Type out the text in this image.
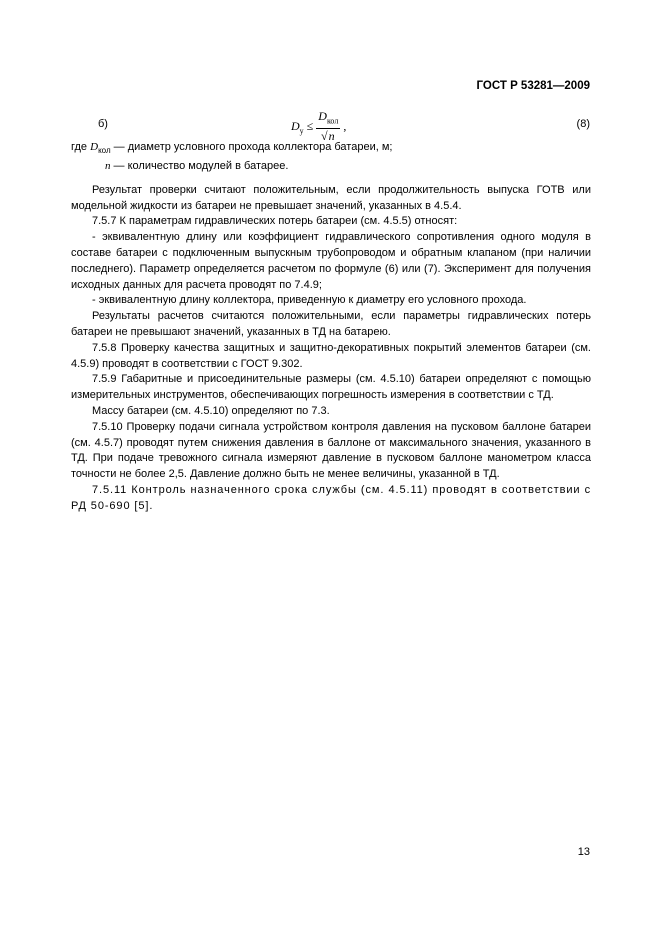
ГОСТ Р 53281—2009
б)	$D_у \le \frac{D_{кол}}{√n}$ ,	(8)

где $D_{кол}$ — диаметр условного прохода коллектора батареи, м;

n — количество модулей в батарее.

Результат проверки считают положительным, если продолжительность выпуска ГОТВ или модельной жидкости из батареи не превышает значений, указанных в 4.5.4.

7.5.7 К параметрам гидравлических потерь батареи (см. 4.5.5) относят:

- эквивалентную длину или коэффициент гидравлического сопротивления одного модуля в составе батареи с подключенным выпускным трубопроводом и обратным клапаном (при наличии последнего). Параметр определяется расчетом по формуле (6) или (7). Эксперимент для получения исходных данных для расчета проводят по 7.4.9;

- эквивалентную длину коллектора, приведенную к диаметру его условного прохода.

Результаты расчетов считаются положительными, если параметры гидравлических потерь батареи не превышают значений, указанных в ТД на батарею.

7.5.8 Проверку качества защитных и защитно-декоративных покрытий элементов батареи (см. 4.5.9) проводят в соответствии с ГОСТ 9.302.

7.5.9 Габаритные и присоединительные размеры (см. 4.5.10) батареи определяют с помощью измерительных инструментов, обеспечивающих погрешность измерения в соответствии с ТД.

Массу батареи (см. 4.5.10) определяют по 7.3.

7.5.10 Проверку подачи сигнала устройством контроля давления на пусковом баллоне батареи (см. 4.5.7) проводят путем снижения давления в баллоне от максимального значения, указанного в ТД. При подаче тревожного сигнала измеряют давление в пусковом баллоне манометром класса точности не более 2,5. Давление должно быть не менее величины, указанной в ТД.

7.5.11 Контроль назначенного срока службы (см. 4.5.11) проводят в соответствии с РД 50-690 [5].

13
